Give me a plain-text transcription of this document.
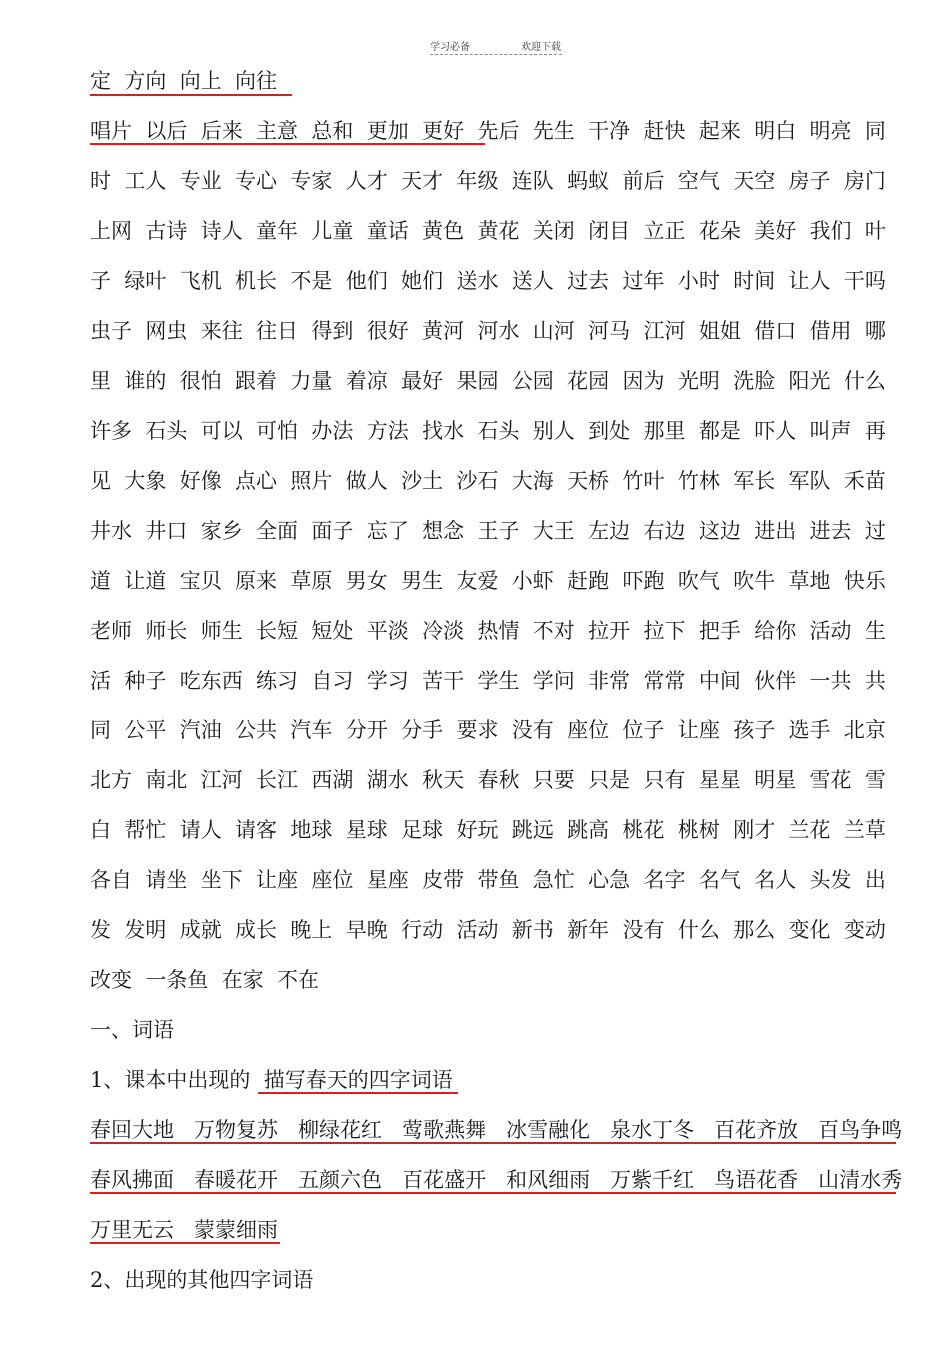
学习必备	欢迎下载
定  方向  向上  向往
唱片  以后  后来  主意  总和  更加  更好  先后  先生  干净  赶快  起来  明白  明亮  同
时  工人  专业  专心  专家  人才  天才  年级  连队  蚂蚁  前后  空气  天空  房子  房门
上网  古诗  诗人  童年  儿童  童话  黄色  黄花  关闭  闭目  立正  花朵  美好  我们  叶
子  绿叶  飞机  机长  不是  他们  她们  送水  送人  过去  过年  小时  时间  让人  干吗
虫子  网虫  来往  往日  得到  很好  黄河  河水  山河  河马  江河  姐姐  借口  借用  哪
里  谁的  很怕  跟着  力量  着凉  最好  果园  公园  花园  因为  光明  洗脸  阳光  什么
许多  石头  可以  可怕  办法  方法  找水  石头  别人  到处  那里  都是  吓人  叫声  再
见  大象  好像  点心  照片  做人  沙土  沙石  大海  天桥  竹叶  竹林  军长  军队  禾苗
井水  井口  家乡  全面  面子  忘了  想念  王子  大王  左边  右边  这边  进出  进去  过
道  让道  宝贝  原来  草原  男女  男生  友爱  小虾  赶跑  吓跑  吹气  吹牛  草地  快乐
老师  师长  师生  长短  短处  平淡  冷淡  热情  不对  拉开  拉下  把手  给你  活动  生
活  种子  吃东西  练习  自习  学习  苦干  学生  学问  非常  常常  中间  伙伴  一共  共
同  公平  汽油  公共  汽车  分开  分手  要求  没有  座位  位子  让座  孩子  选手  北京
北方  南北  江河  长江  西湖  湖水  秋天  春秋  只要  只是  只有  星星  明星  雪花  雪
白  帮忙  请人  请客  地球  星球  足球  好玩  跳远  跳高  桃花  桃树  刚才  兰花  兰草
各自  请坐  坐下  让座  座位  星座  皮带  带鱼  急忙  心急  名字  名气  名人  头发  出
发  发明  成就  成长  晚上  早晚  行动  活动  新书  新年  没有  什么  那么  变化  变动
改变  一条鱼  在家  不在
一、词语
1、课本中出现的  描写春天的四字词语
春回大地   万物复苏   柳绿花红   莺歌燕舞   冰雪融化   泉水丁冬   百花齐放   百鸟争鸣
春风拂面   春暖花开   五颜六色   百花盛开   和风细雨   万紫千红   鸟语花香   山清水秀
万里无云   蒙蒙细雨
2、出现的其他四字词语
